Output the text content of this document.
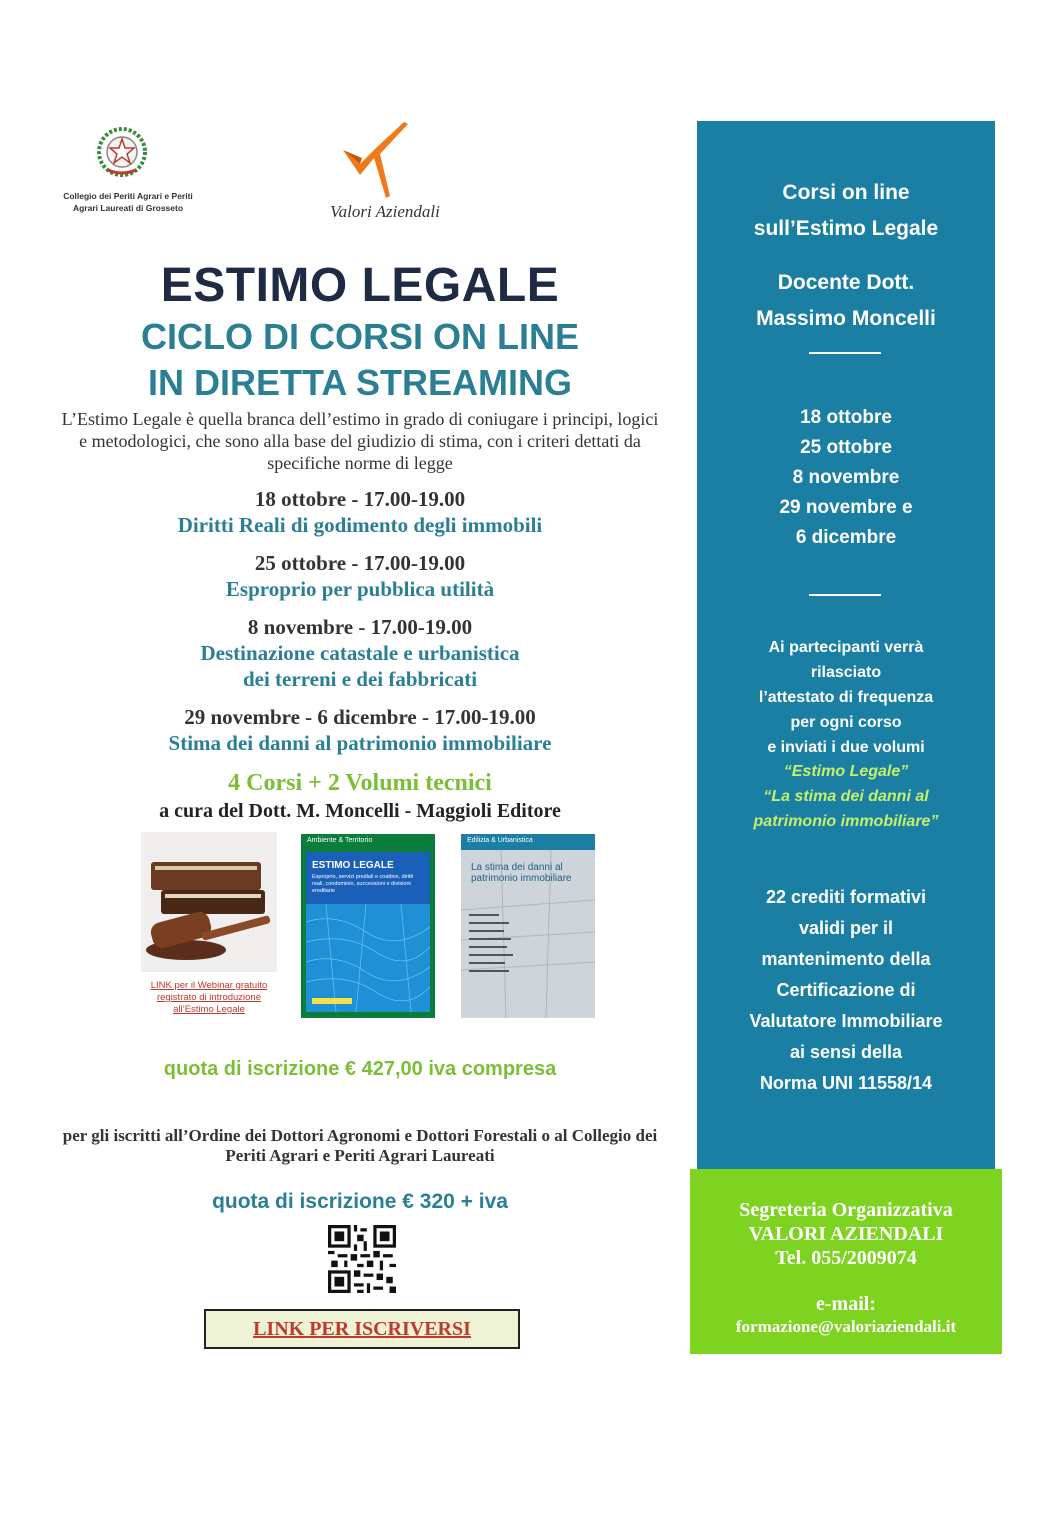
Collegio dei Periti Agrari e Periti Agrari Laureati di Grosseto	Valori Aziendali
ESTIMO LEGALE
CICLO DI CORSI ON LINE
IN DIRETTA STREAMING
L’Estimo Legale è quella branca dell’estimo in grado di coniugare i principi, logici e metodologici, che sono alla base del giudizio di stima, con i criteri dettati da specifiche norme di legge
18 ottobre - 17.00-19.00
Diritti Reali di godimento degli immobili
25 ottobre - 17.00-19.00
Esproprio per pubblica utilità
8 novembre - 17.00-19.00
Destinazione catastale e urbanistica
dei terreni e dei fabbricati
29 novembre - 6 dicembre - 17.00-19.00
Stima dei danni al patrimonio immobiliare
4 Corsi + 2 Volumi tecnici
a cura del Dott. M. Moncelli - Maggioli Editore
LINK per il Webinar gratuito registrato di introduzione all’Estimo Legale
Ambiente & Territorio
ESTIMO LEGALE
Esproprio, servizi prediali e coattive, diritti reali, condominio, successioni e divisioni ereditarie
Edilizia & Urbanistica
La stima dei danni al patrimonio immobiliare
quota di iscrizione € 427,00 iva compresa
per gli iscritti all’Ordine dei Dottori Agronomi e Dottori Forestali o al Collegio dei Periti Agrari e Periti Agrari Laureati
quota di iscrizione € 320 + iva
LINK PER ISCRIVERSI
Corsi on line
sull’Estimo Legale
Docente Dott.
Massimo Moncelli
18 ottobre
25 ottobre
8 novembre
29 novembre e
6 dicembre
Ai partecipanti verrà
rilasciato
l’attestato di frequenza
per ogni corso
e inviati i due volumi
“Estimo Legale”
“La stima dei danni al
patrimonio immobiliare”
22 crediti formativi
validi per il
mantenimento della
Certificazione di
Valutatore Immobiliare
ai sensi della
Norma UNI 11558/14
Segreteria Organizzativa
VALORI AZIENDALI
Tel. 055/2009074
e-mail:
formazione@valoriaziendali.it
